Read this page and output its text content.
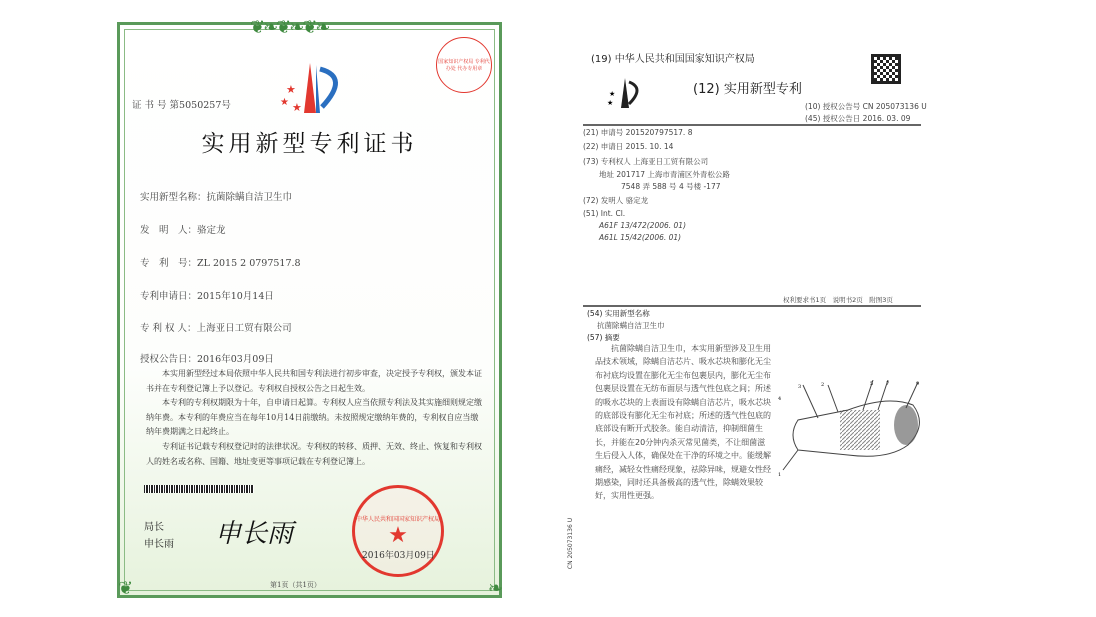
❦❧❦❧❦❧
❦	❧
证 书 号 第5050257号
★
★ ★
国家知识产权局 专利代办处 代办专用章
实用新型专利证书
实用新型名称：抗菌除螨自洁卫生巾
发　明　人：骆定龙
专　利　号：ZL 2015 2 0797517.8
专利申请日：2015年10月14日
专 利 权 人：上海亚日工贸有限公司
授权公告日：2016年03月09日
本实用新型经过本局依照中华人民共和国专利法进行初步审查，决定授予专利权，颁发本证书并在专利登记簿上予以登记。专利权自授权公告之日起生效。
本专利的专利权期限为十年，自申请日起算。专利权人应当依照专利法及其实施细则规定缴纳年费。本专利的年费应当在每年10月14日前缴纳。未按照规定缴纳年费的，专利权自应当缴纳年费期满之日起终止。
专利证书记载专利权登记时的法律状况。专利权的转移、质押、无效、终止、恢复和专利权人的姓名或名称、国籍、地址变更等事项记载在专利登记簿上。
局长
申长雨 申长雨	中华人民共和国国家知识产权局
★
2016年03月09日
第1页（共1页）
(19) 中华人民共和国国家知识产权局
★
★
(12) 实用新型专利
(10) 授权公告号 CN 205073136 U
(45) 授权公告日 2016. 03. 09
(21) 申请号 201520797517. 8
(22) 申请日 2015. 10. 14
(73) 专利权人 上海亚日工贸有限公司
地址 201717 上海市青浦区外青松公路
7548 弄 588 号 4 号楼 -177
(72) 发明人 骆定龙
(51) Int. Cl.
A61F 13/472(2006. 01)
A61L 15/42(2006. 01)
权利要求书1页　说明书2页　附图3页
(54) 实用新型名称
抗菌除螨自洁卫生巾
(57) 摘要
抗菌除螨自洁卫生巾，本实用新型涉及卫生用品技术领域，除螨自洁芯片、吸水芯块和膨化无尘布衬底均设置在膨化无尘布包裹层内，膨化无尘布包裹层设置在无纺布面层与透气性包底之间；所述的吸水芯块的上表面设有除螨自洁芯片，吸水芯块的底部设有膨化无尘布衬底；所述的透气性包底的底部设有断开式胶条。能自动清洁，抑制细菌生长，并能在20分钟内杀灭常见菌类，不让细菌滋生后侵入人体，确保处在干净的环境之中。能缓解痛经，减轻女性痛经现象，祛除异味，规避女性经期感染，同时还具备极高的透气性，除螨效果较好，实用性更强。
1
2
3
4
5	7	9
CN 205073136 U
